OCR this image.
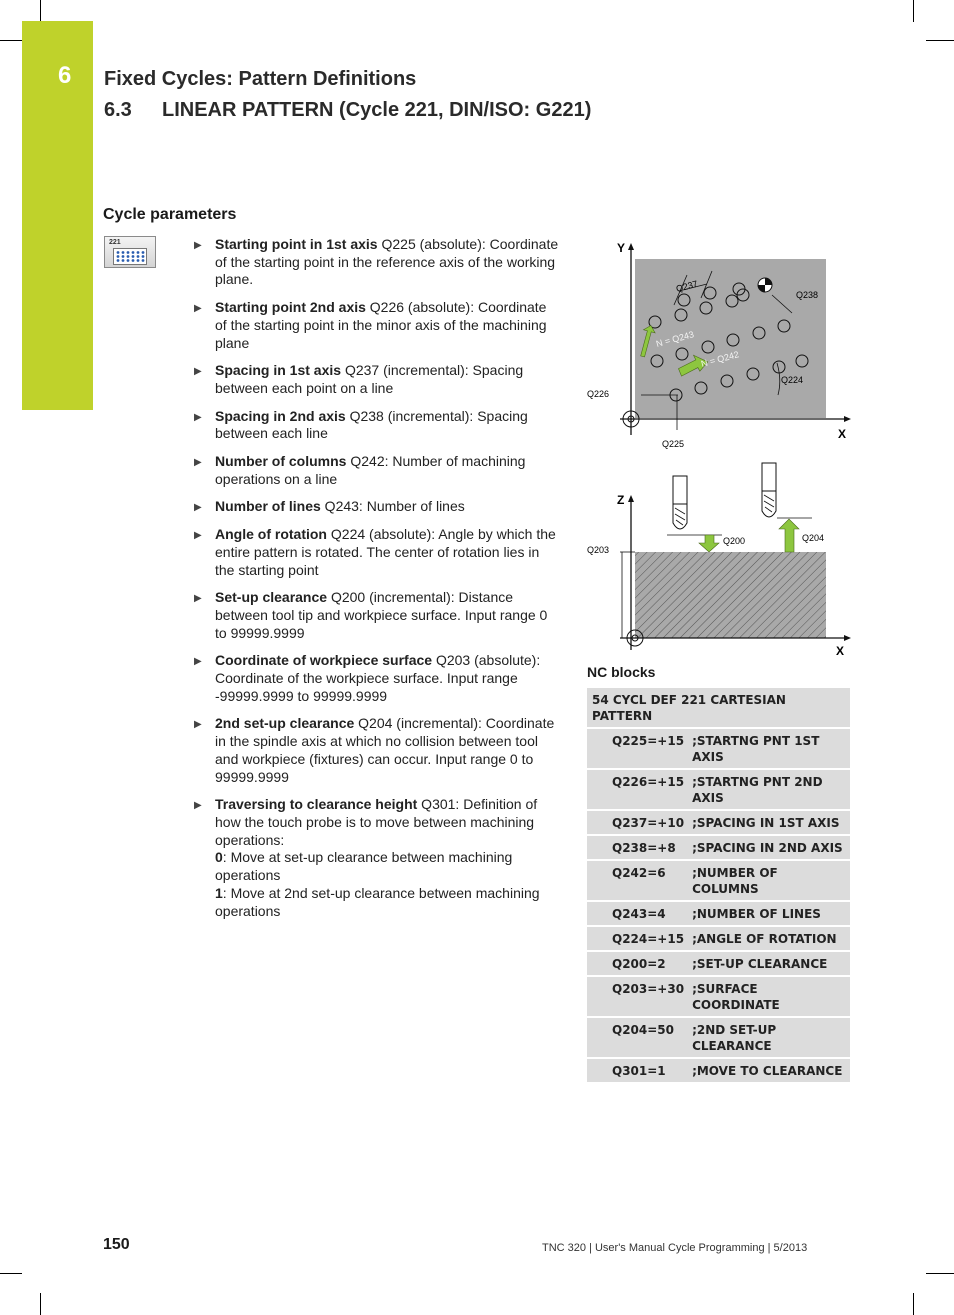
6 Fixed Cycles: Pattern Definitions
6.3 LINEAR PATTERN (Cycle 221, DIN/ISO: G221)
Cycle parameters
221	▶ Starting point in 1st axis Q225 (absolute): Coordinate of the starting point in the reference axis of the working plane.
▶ Starting point 2nd axis Q226 (absolute): Coordinate of the starting point in the minor axis of the machining plane
▶ Spacing in 1st axis Q237 (incremental): Spacing between each point on a line
▶ Spacing in 2nd axis Q238 (incremental): Spacing between each line
▶ Number of columns Q242: Number of machining operations on a line
▶ Number of lines Q243: Number of lines
▶ Angle of rotation Q224 (absolute): Angle by which the entire pattern is rotated. The center of rotation lies in the starting point
▶ Set-up clearance Q200 (incremental): Distance between tool tip and workpiece surface. Input range 0 to 99999.9999
▶ Coordinate of workpiece surface Q203 (absolute): Coordinate of the workpiece surface. Input range -99999.9999 to 99999.9999
▶ 2nd set-up clearance Q204 (incremental): Coordinate in the spindle axis at which no collision between tool and workpiece (fixtures) can occur. Input range 0 to 99999.9999
▶ Traversing to clearance height Q301: Definition of how the touch probe is to move between machining operations:
0: Move at set-up clearance between machining operations
1: Move at 2nd set-up clearance between machining operations
Y
X
Q226
Q225
Q237
Q238
N = Q243
N = Q242
Q224
Z
X
Q203
Q200	Q204
NC blocks
54 CYCL DEF 221 CARTESIAN PATTERN	
Q225=+15	;STARTNG PNT 1ST AXIS
Q226=+15	;STARTNG PNT 2ND AXIS
Q237=+10	;SPACING IN 1ST AXIS
Q238=+8	;SPACING IN 2ND AXIS
Q242=6	;NUMBER OF COLUMNS
Q243=4	;NUMBER OF LINES
Q224=+15	;ANGLE OF ROTATION
Q200=2	;SET-UP CLEARANCE
Q203=+30	;SURFACE COORDINATE
Q204=50	;2ND SET-UP CLEARANCE
Q301=1	;MOVE TO CLEARANCE
150	TNC 320 | User's Manual Cycle Programming | 5/2013
